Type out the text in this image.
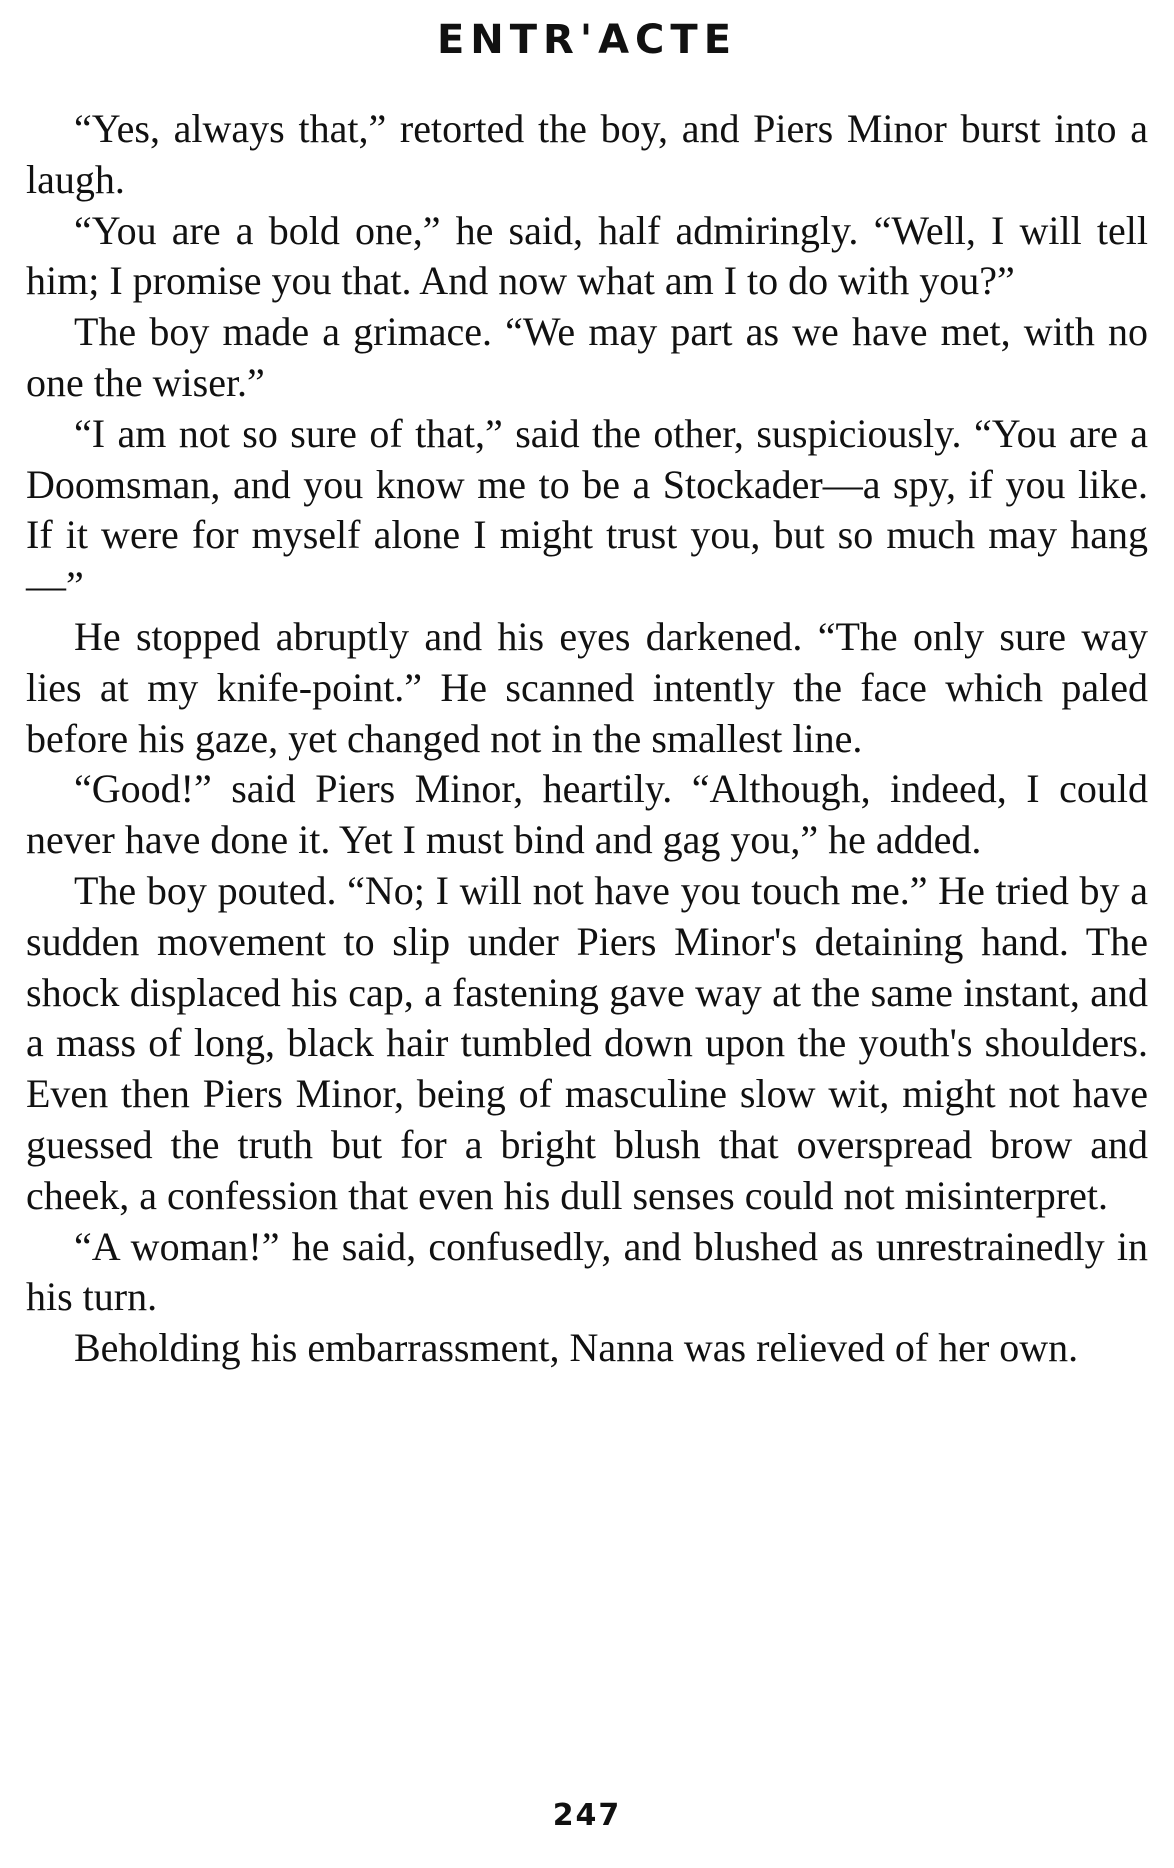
ENTR'ACTE

“Yes, always that,” retorted the boy, and Piers Minor burst into a laugh.

“You are a bold one,” he said, half admiringly. “Well, I will tell him; I promise you that. And now what am I to do with you?”

The boy made a grimace. “We may part as we have met, with no one the wiser.”

“I am not so sure of that,” said the other, suspiciously. “You are a Doomsman, and you know me to be a Stockader—a spy, if you like. If it were for myself alone I might trust you, but so much may hang—”

He stopped abruptly and his eyes darkened. “The only sure way lies at my knife-point.” He scanned intently the face which paled before his gaze, yet changed not in the smallest line.

“Good!” said Piers Minor, heartily. “Although, indeed, I could never have done it. Yet I must bind and gag you,” he added.

The boy pouted. “No; I will not have you touch me.” He tried by a sudden movement to slip under Piers Minor's detaining hand. The shock displaced his cap, a fastening gave way at the same instant, and a mass of long, black hair tumbled down upon the youth's shoulders. Even then Piers Minor, being of masculine slow wit, might not have guessed the truth but for a bright blush that overspread brow and cheek, a confession that even his dull senses could not misinterpret.

“A woman!” he said, confusedly, and blushed as unrestrainedly in his turn.

Beholding his embarrassment, Nanna was relieved of her own.

247
